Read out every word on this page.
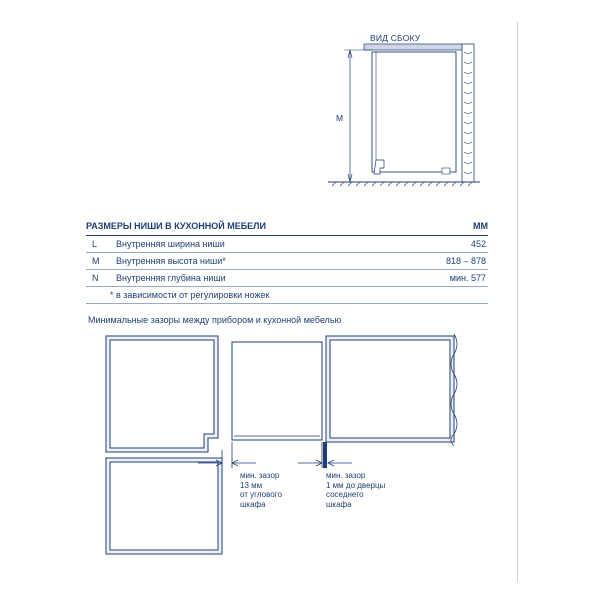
ВИД СБОКУ
M
РАЗМЕРЫ НИШИ В КУХОННОЙ МЕБЕЛИ	ММ
L	Внутренняя ширина ниши	452
M	Внутренняя высота ниши*	818 – 878
N	Внутренняя глубина ниши	мин. 577
* в зависимости от регулировки ножек
Минимальные зазоры между прибором и кухонной мебелью
мин. зазор
13 мм
от углового
шкафа
мин. зазор
1 мм до дверцы
соседнего
шкафа
